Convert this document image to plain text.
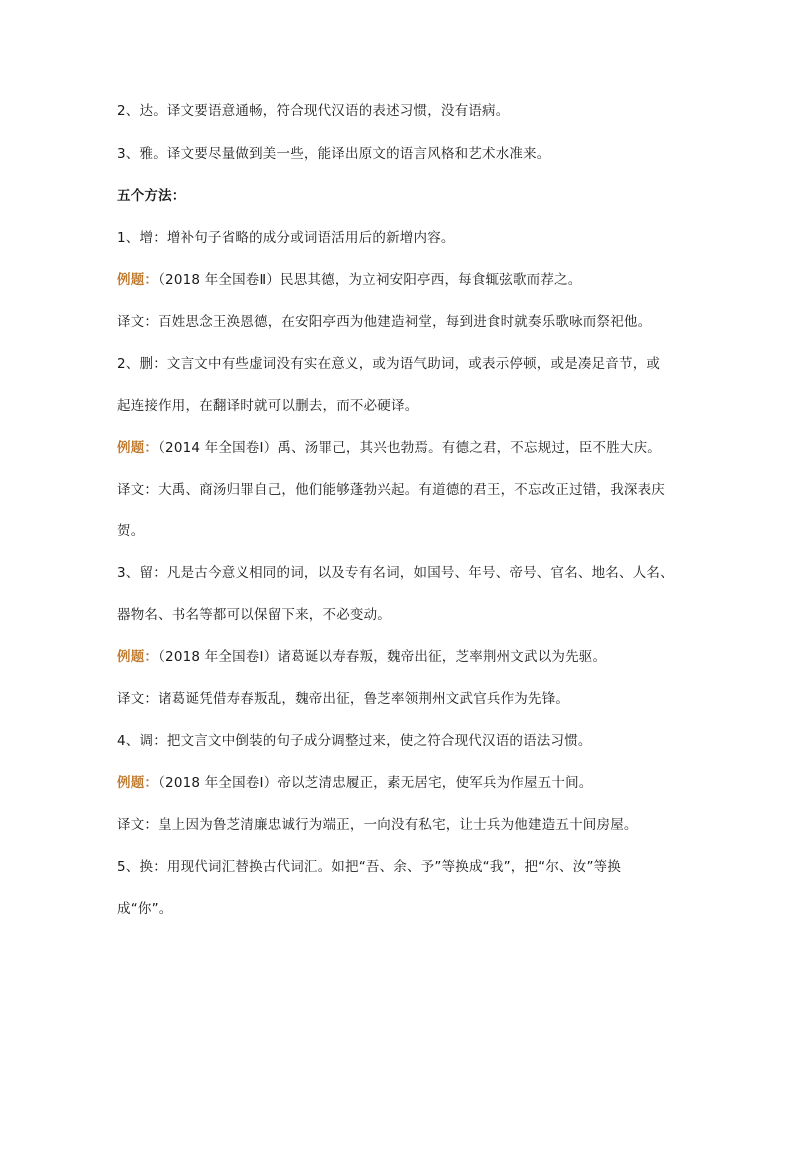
2、达。译文要语意通畅，符合现代汉语的表述习惯，没有语病。
3、雅。译文要尽量做到美一些，能译出原文的语言风格和艺术水准来。
五个方法：
1、增：增补句子省略的成分或词语活用后的新增内容。
例题：（2018 年全国卷Ⅱ）民思其德，为立祠安阳亭西，每食辄弦歌而荐之。
译文：百姓思念王涣恩德，在安阳亭西为他建造祠堂，每到进食时就奏乐歌咏而祭祀他。
2、删：文言文中有些虚词没有实在意义，或为语气助词，或表示停顿，或是凑足音节，或
起连接作用，在翻译时就可以删去，而不必硬译。
例题：（2014 年全国卷Ⅰ）禹、汤罪己，其兴也勃焉。有德之君，不忘规过，臣不胜大庆。
译文：大禹、商汤归罪自己，他们能够蓬勃兴起。有道德的君王，不忘改正过错，我深表庆
贺。
3、留：凡是古今意义相同的词，以及专有名词，如国号、年号、帝号、官名、地名、人名、
器物名、书名等都可以保留下来，不必变动。
例题：（2018 年全国卷Ⅰ）诸葛诞以寿春叛，魏帝出征，芝率荆州文武以为先驱。
译文：诸葛诞凭借寿春叛乱，魏帝出征，鲁芝率领荆州文武官兵作为先锋。
4、调：把文言文中倒装的句子成分调整过来，使之符合现代汉语的语法习惯。
例题：（2018 年全国卷Ⅰ）帝以芝清忠履正，素无居宅，使军兵为作屋五十间。
译文：皇上因为鲁芝清廉忠诚行为端正，一向没有私宅，让士兵为他建造五十间房屋。
5、换：用现代词汇替换古代词汇。如把“吾、余、予”等换成“我”，把“尔、汝”等换
成“你”。
